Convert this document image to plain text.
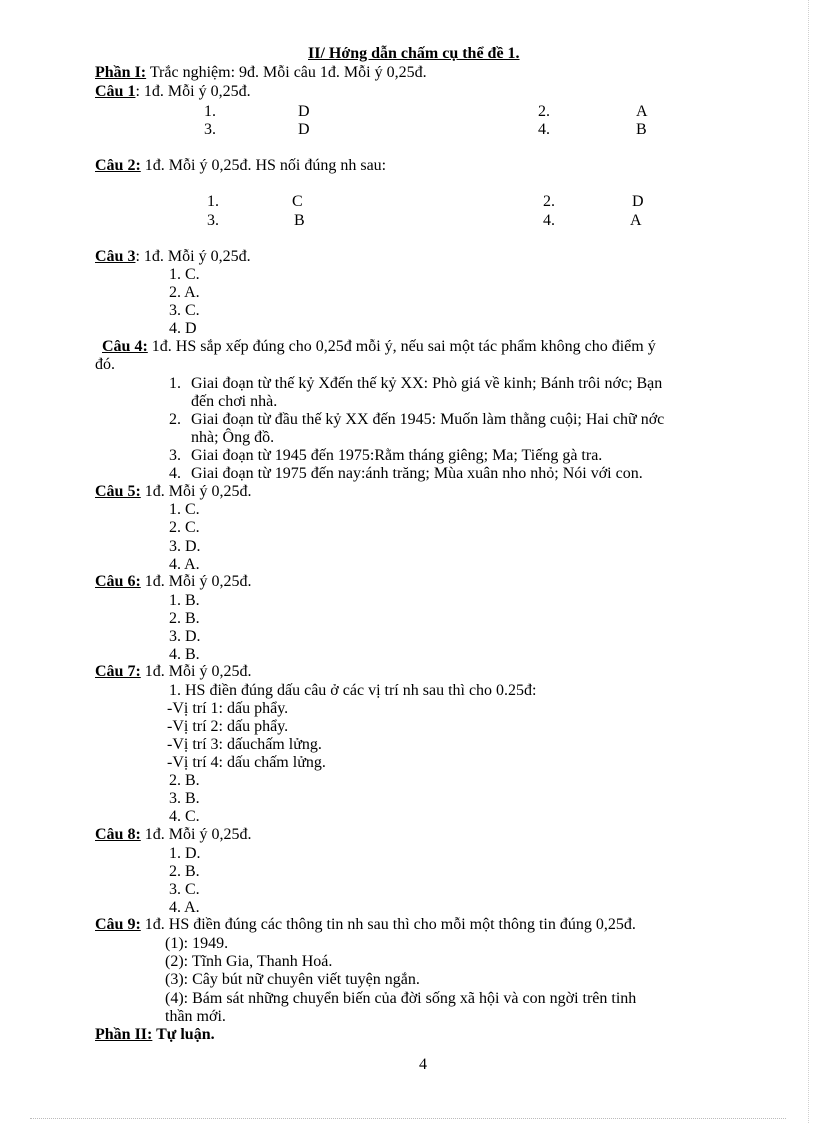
II/ Hớng dẫn chấm cụ thể đề 1.
Phần I: Trắc nghiệm: 9đ. Mỗi câu 1đ. Mỗi ý 0,25đ.
Câu 1: 1đ. Mỗi ý 0,25đ.
1.	D	2.	A
3.	D	4.	B
Câu 2: 1đ. Mỗi ý 0,25đ. HS nối đúng nh sau:
1.	C	2.	D
3.	B	4.	A
Câu 3: 1đ. Mỗi ý 0,25đ.
1. C.
2. A.
3. C.
4. D
Câu 4: 1đ. HS sắp xếp đúng cho 0,25đ mỗi ý, nếu sai một tác phẩm không cho điểm ý
đó.
1. Giai đoạn từ thế kỷ Xđến thế kỷ XX: Phò giá về kinh; Bánh trôi nớc; Bạn
đến chơi nhà.
2. Giai đoạn từ đầu thế kỷ XX đến 1945: Muốn làm thằng cuội; Hai chữ nớc
nhà; Ông đồ.
3. Giai đoạn từ 1945 đến 1975:Rằm tháng giêng; Ma; Tiếng gà tra.
4. Giai đoạn từ 1975 đến nay:ánh trăng; Mùa xuân nho nhỏ; Nói với con.
Câu 5: 1đ. Mỗi ý 0,25đ.
1. C.
2. C.
3. D.
4. A.
Câu 6: 1đ. Mỗi ý 0,25đ.
1. B.
2. B.
3. D.
4. B.
Câu 7: 1đ. Mỗi ý 0,25đ.
1. HS điền đúng dấu câu ở các vị trí nh sau thì cho 0.25đ:
-Vị trí 1: dấu phẩy.
-Vị trí 2: dấu phẩy.
-Vị trí 3: dấuchấm lửng.
-Vị trí 4: dấu chấm lửng.
2. B.
3. B.
4. C.
Câu 8: 1đ. Mỗi ý 0,25đ.
1. D.
2. B.
3. C.
4. A.
Câu 9: 1đ. HS điền đúng các thông tin nh sau thì cho mỗi một thông tin đúng 0,25đ.
(1): 1949.
(2): Tĩnh Gia, Thanh Hoá.
(3): Cây bút nữ chuyên viết tuyện ngắn.
(4): Bám sát những chuyển biến của đời sống xã hội và con ngời trên tinh
thần mới.
Phần II: Tự luận.
4
